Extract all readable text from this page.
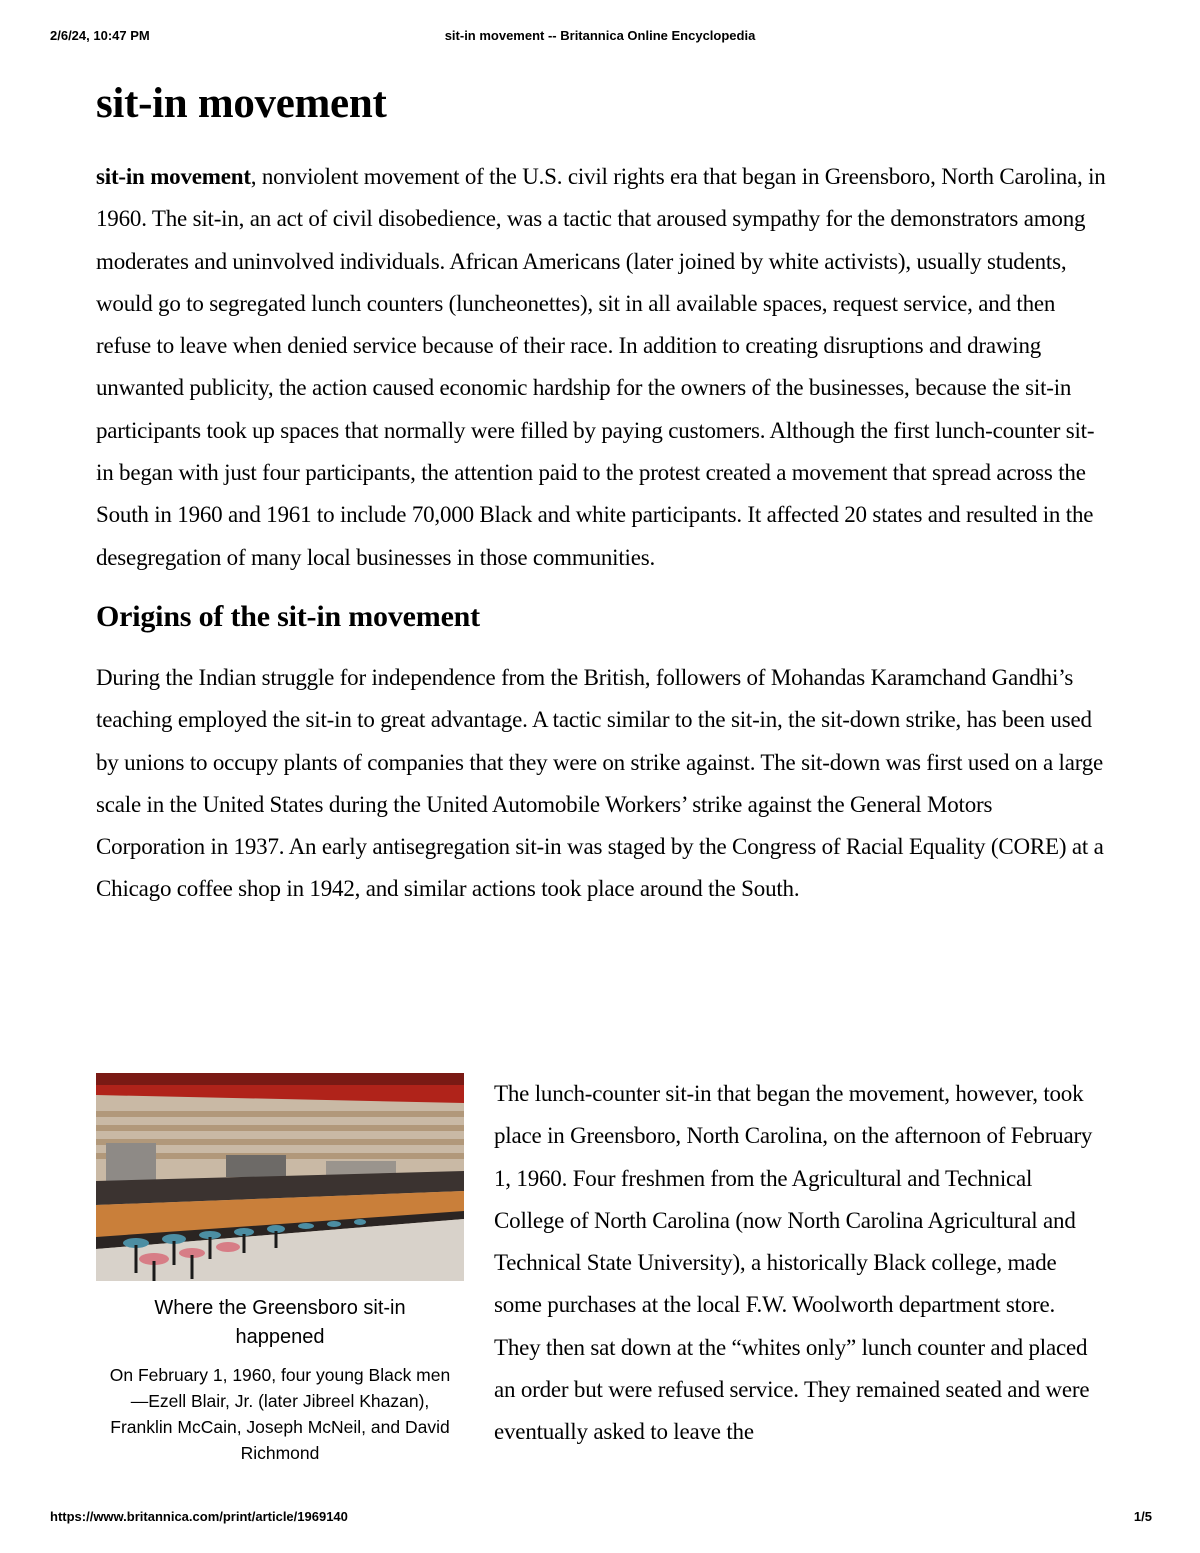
2/6/24, 10:47 PM	sit-in movement -- Britannica Online Encyclopedia
sit-in movement

sit-in movement, nonviolent movement of the U.S. civil rights era that began in Greensboro, North Carolina, in 1960. The sit-in, an act of civil disobedience, was a tactic that aroused sympathy for the demonstrators among moderates and uninvolved individuals. African Americans (later joined by white activists), usually students, would go to segregated lunch counters (luncheonettes), sit in all available spaces, request service, and then refuse to leave when denied service because of their race. In addition to creating disruptions and drawing unwanted publicity, the action caused economic hardship for the owners of the businesses, because the sit-in participants took up spaces that normally were filled by paying customers. Although the first lunch-counter sit-in began with just four participants, the attention paid to the protest created a movement that spread across the South in 1960 and 1961 to include 70,000 Black and white participants. It affected 20 states and resulted in the desegregation of many local businesses in those communities.

Origins of the sit-in movement

During the Indian struggle for independence from the British, followers of Mohandas Karamchand Gandhi’s teaching employed the sit-in to great advantage. A tactic similar to the sit-in, the sit-down strike, has been used by unions to occupy plants of companies that they were on strike against. The sit-down was first used on a large scale in the United States during the United Automobile Workers’ strike against the General Motors Corporation in 1937. An early antisegregation sit-in was staged by the Congress of Racial Equality (CORE) at a Chicago coffee shop in 1942, and similar actions took place around the South.

Where the Greensboro sit-in happened
On February 1, 1960, four young Black men—Ezell Blair, Jr. (later Jibreel Khazan), Franklin McCain, Joseph McNeil, and David Richmond

The lunch-counter sit-in that began the movement, however, took place in Greensboro, North Carolina, on the afternoon of February 1, 1960. Four freshmen from the Agricultural and Technical College of North Carolina (now North Carolina Agricultural and Technical State University), a historically Black college, made some purchases at the local F.W. Woolworth department store. They then sat down at the “whites only” lunch counter and placed an order but were refused service. They remained seated and were eventually asked to leave the

https://www.britannica.com/print/article/1969140	1/5
